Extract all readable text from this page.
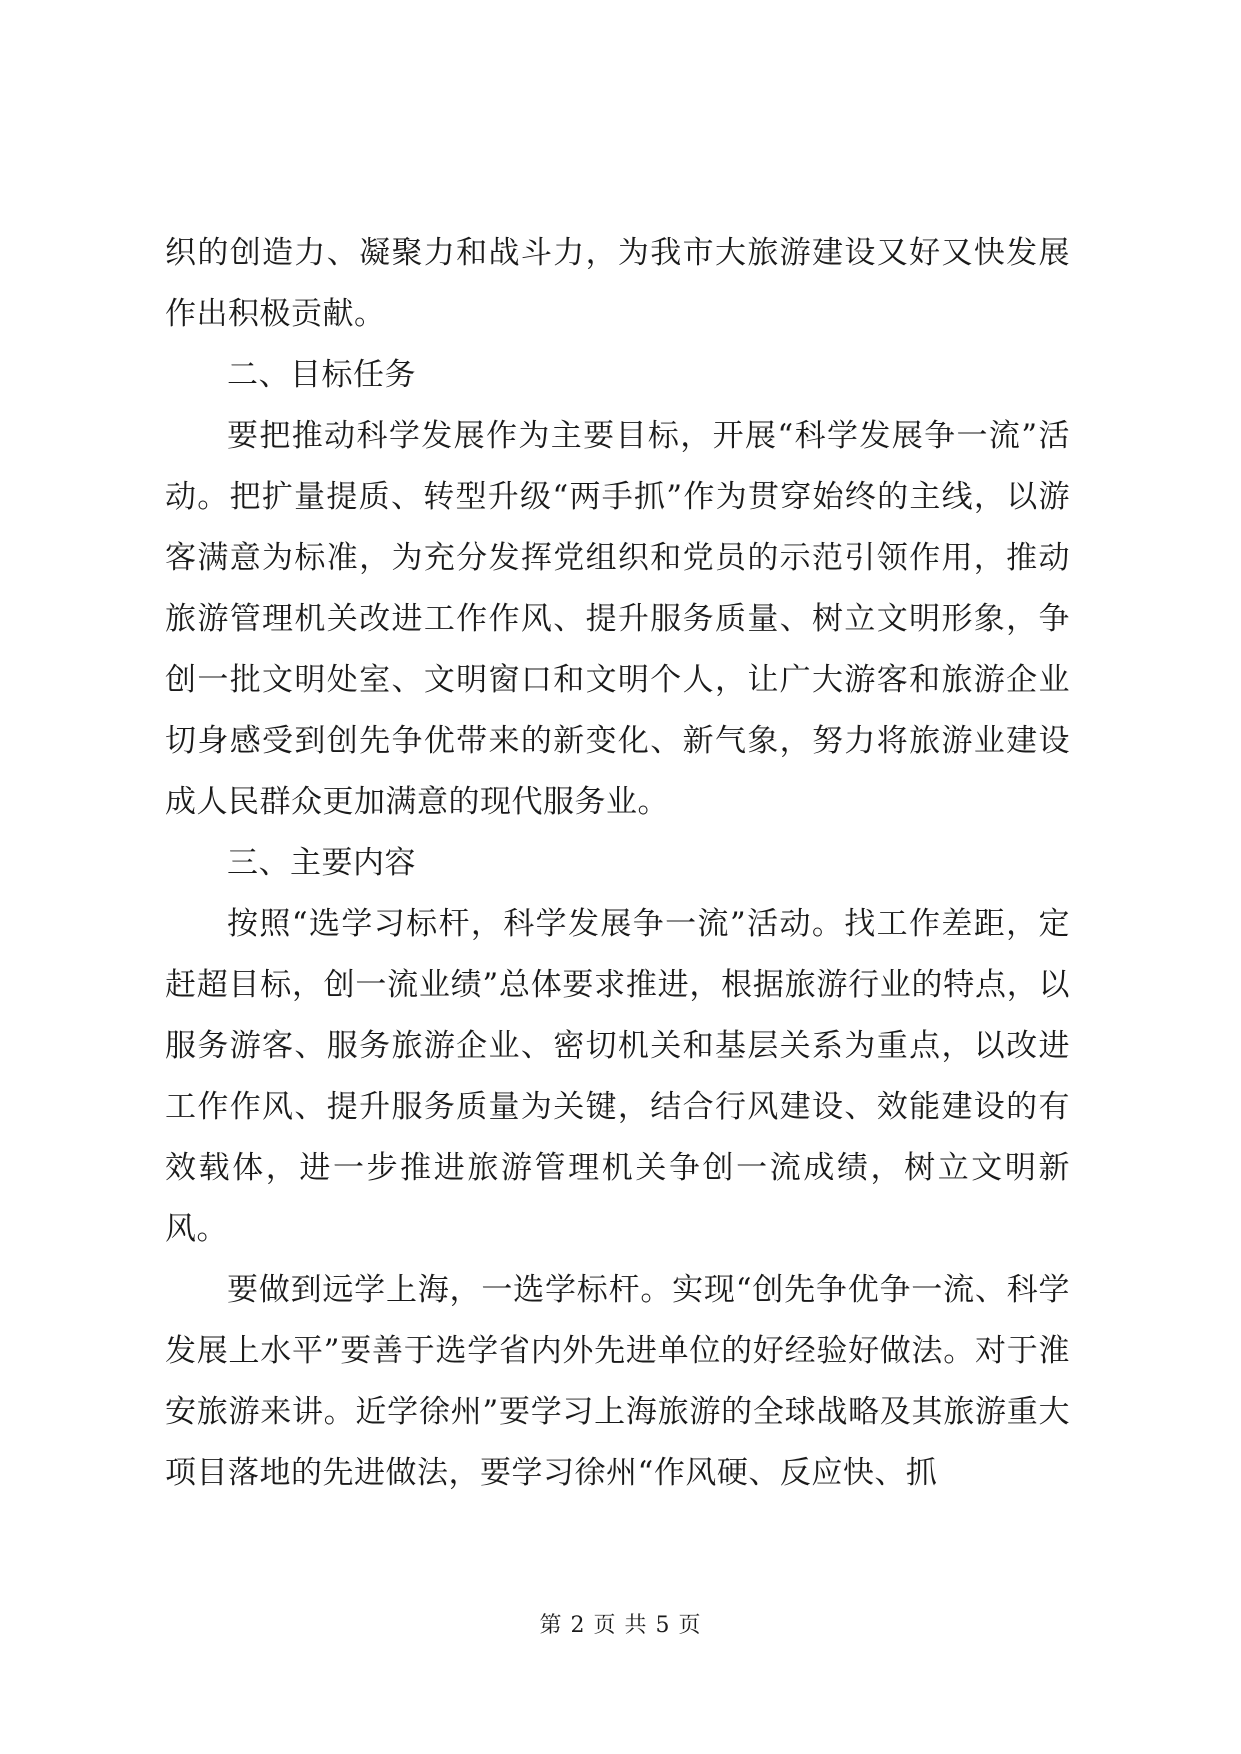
织的创造力、凝聚力和战斗力，为我市大旅游建设又好又快发展作出积极贡献。

二、目标任务

要把推动科学发展作为主要目标，开展“科学发展争一流”活动。把扩量提质、转型升级“两手抓”作为贯穿始终的主线，以游客满意为标准，为充分发挥党组织和党员的示范引领作用，推动旅游管理机关改进工作作风、提升服务质量、树立文明形象，争创一批文明处室、文明窗口和文明个人，让广大游客和旅游企业切身感受到创先争优带来的新变化、新气象，努力将旅游业建设成人民群众更加满意的现代服务业。

三、主要内容

按照“选学习标杆，科学发展争一流”活动。找工作差距，定赶超目标，创一流业绩”总体要求推进，根据旅游行业的特点，以服务游客、服务旅游企业、密切机关和基层关系为重点，以改进工作作风、提升服务质量为关键，结合行风建设、效能建设的有效载体，进一步推进旅游管理机关争创一流成绩，树立文明新风。

要做到远学上海，一选学标杆。实现“创先争优争一流、科学发展上水平”要善于选学省内外先进单位的好经验好做法。对于淮安旅游来讲。近学徐州”要学习上海旅游的全球战略及其旅游重大项目落地的先进做法，要学习徐州“作风硬、反应快、抓

第 2 页 共 5 页
